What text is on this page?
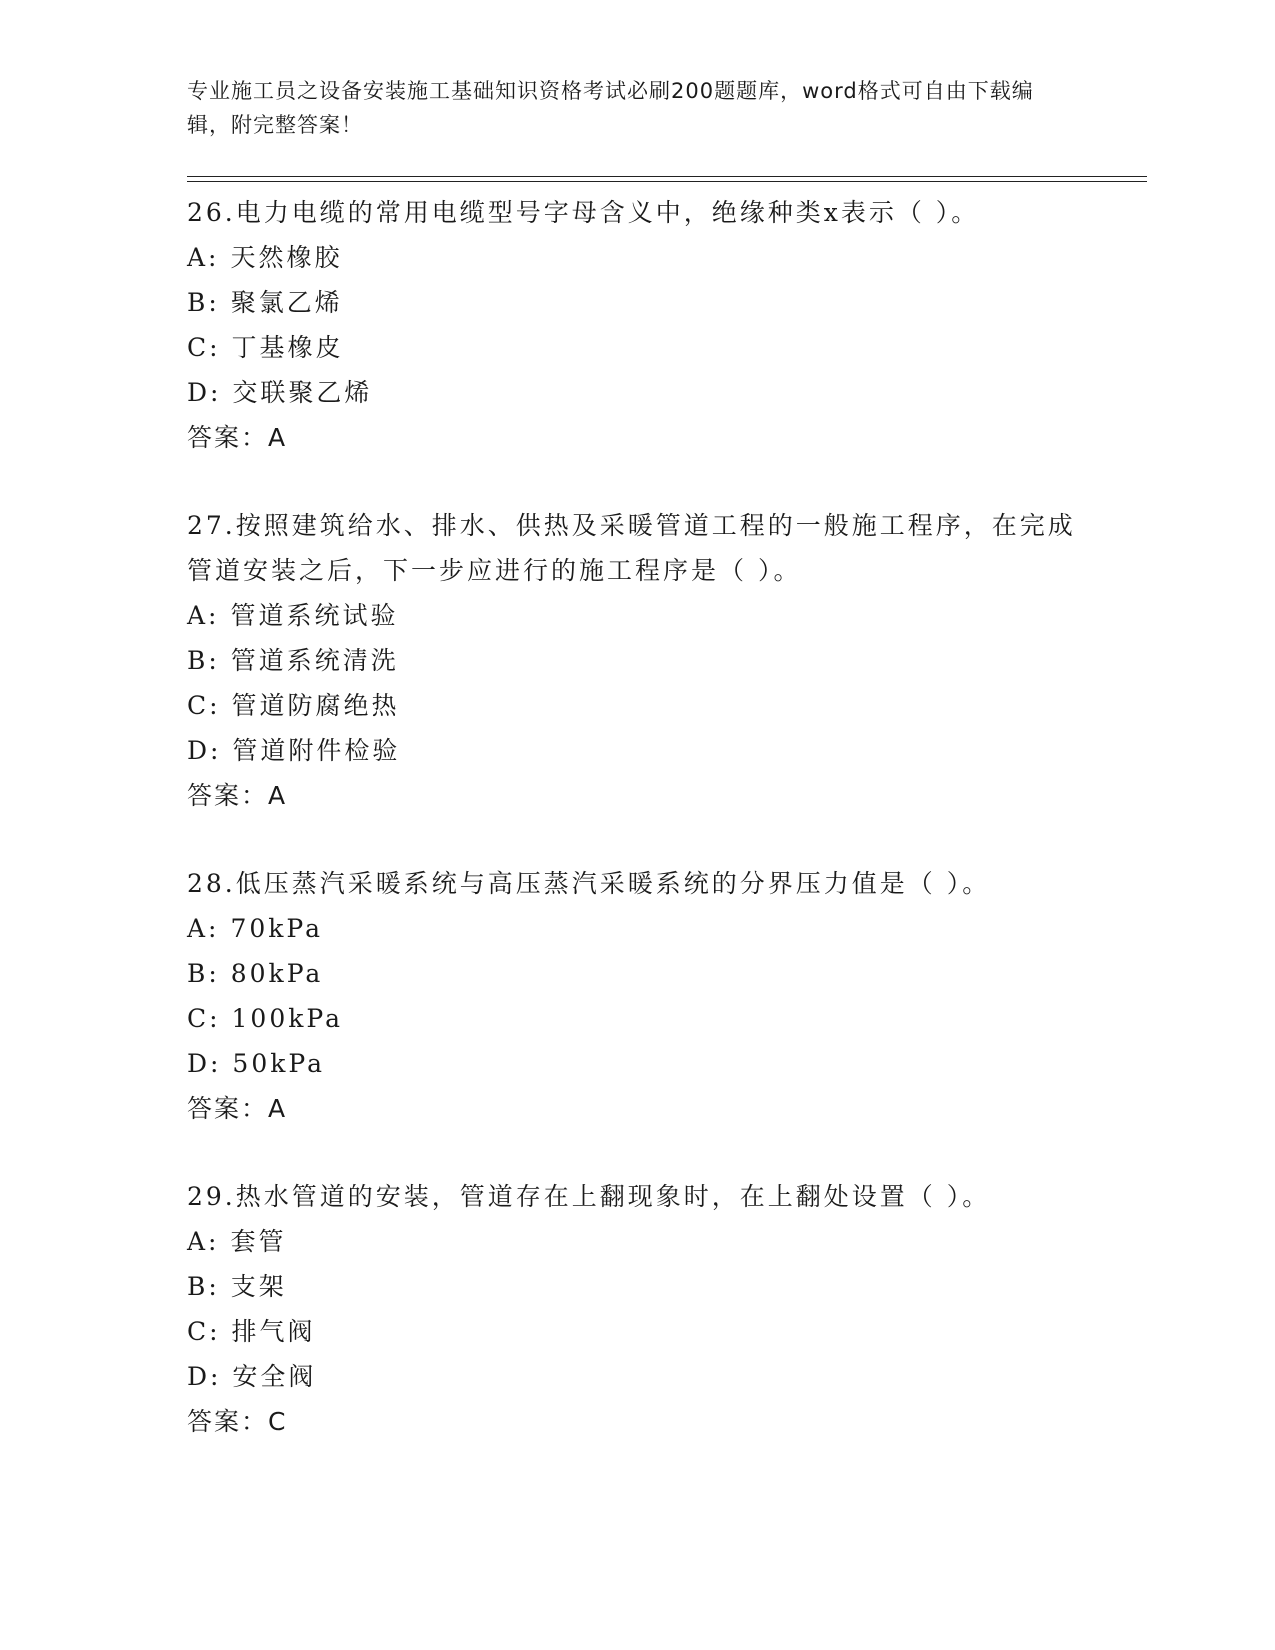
专业施工员之设备安装施工基础知识资格考试必刷200题题库，word格式可自由下载编辑，附完整答案！

26.电力电缆的常用电缆型号字母含义中，绝缘种类x表示（ ）。

A: 天然橡胶
B: 聚氯乙烯
C: 丁基橡皮
D: 交联聚乙烯
答案：A

27.按照建筑给水、排水、供热及采暖管道工程的一般施工程序，在完成管道安装之后，下一步应进行的施工程序是（ ）。

A: 管道系统试验
B: 管道系统清洗
C: 管道防腐绝热
D: 管道附件检验
答案：A

28.低压蒸汽采暖系统与高压蒸汽采暖系统的分界压力值是（ ）。

A: 70kPa
B: 80kPa
C: 100kPa
D: 50kPa
答案：A

29.热水管道的安装，管道存在上翻现象时，在上翻处设置（ ）。

A: 套管
B: 支架
C: 排气阀
D: 安全阀
答案：C
